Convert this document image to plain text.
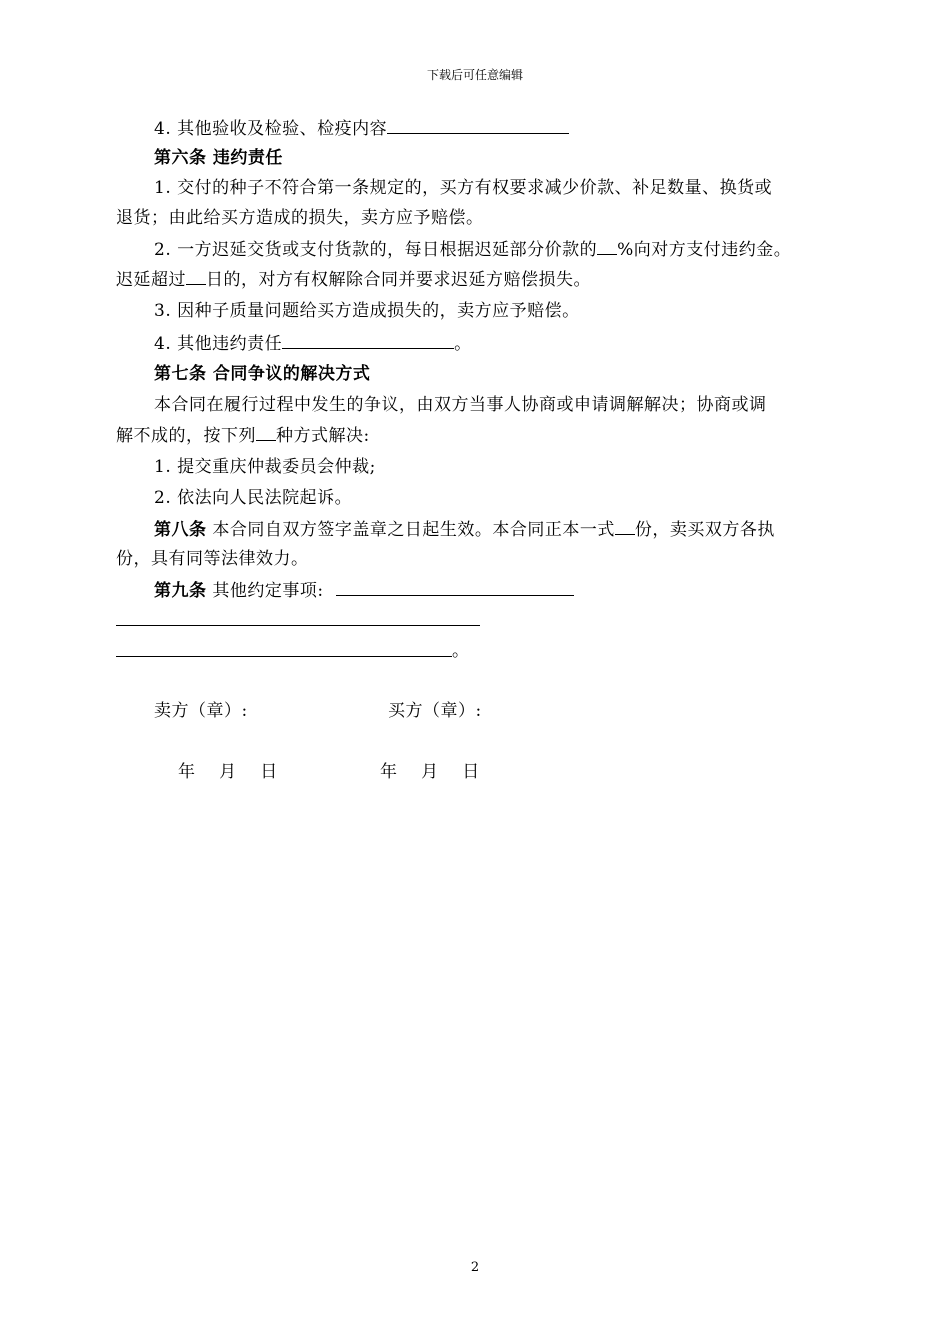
下载后可任意编辑
4. 其他验收及检验、检疫内容
第六条 违约责任
1. 交付的种子不符合第一条规定的，买方有权要求减少价款、补足数量、换货或
退货；由此给买方造成的损失，卖方应予赔偿。
2. 一方迟延交货或支付货款的，每日根据迟延部分价款的 %向对方支付违约金。
迟延超过 日的，对方有权解除合同并要求迟延方赔偿损失。
3. 因种子质量问题给买方造成损失的，卖方应予赔偿。
4. 其他违约责任	。
第七条 合同争议的解决方式
本合同在履行过程中发生的争议，由双方当事人协商或申请调解解决；协商或调
解不成的，按下列 种方式解决:
1. 提交重庆仲裁委员会仲裁;
2. 依法向人民法院起诉。
第八条 本合同自双方签字盖章之日起生效。本合同正本一式 份，卖买双方各执
份，具有同等法律效力。
第九条 其他约定事项:
。
卖方（章）:	买方（章）:
年    月    日	年    月    日
2
